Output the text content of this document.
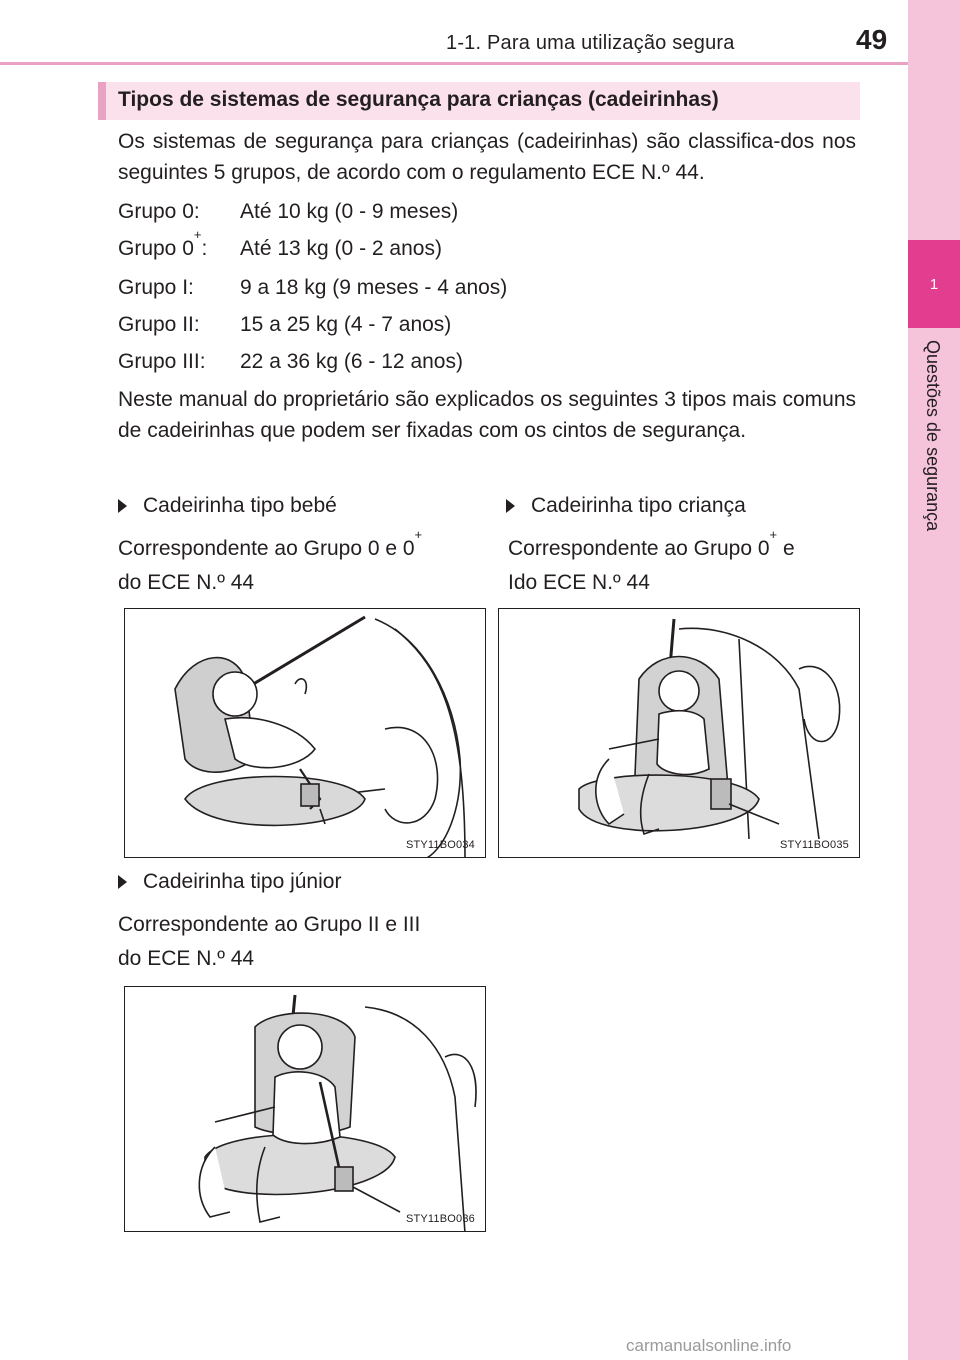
1-1. Para uma utilização segura	49
1
Questões de segurança
Tipos de sistemas de segurança para crianças (cadeirinhas)

Os sistemas de segurança para crianças (cadeirinhas) são classifica-dos nos seguintes 5 grupos, de acordo com o regulamento ECE N.º 44.

Grupo 0: Até 10 kg (0 - 9 meses)
Grupo 0+: Até 13 kg (0 - 2 anos)
Grupo I: 9 a 18 kg (9 meses - 4 anos)
Grupo II: 15 a 25 kg (4 - 7 anos)
Grupo III: 22 a 36 kg (6 - 12 anos)

Neste manual do proprietário são explicados os seguintes 3 tipos mais comuns de cadeirinhas que podem ser fixadas com os cintos de segurança.

Cadeirinha tipo bebé
Correspondente ao Grupo 0 e 0+
do ECE N.º 44
Cadeirinha tipo criança
Correspondente ao Grupo 0+ e
Ido ECE N.º 44
STY11BO034	STY11BO035
Cadeirinha tipo júnior
Correspondente ao Grupo II e III
do ECE N.º 44
STY11BO036
carmanualsonline.info
